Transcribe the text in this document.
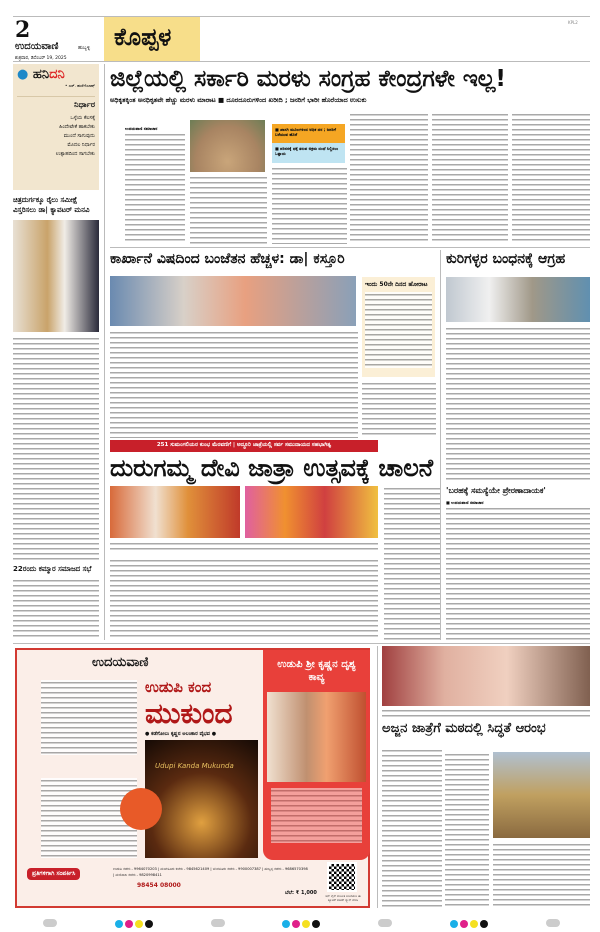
2
ಉದಯವಾಣಿ	ಹುಬ್ಬಳ್ಳಿ
ಶುಕ್ರವಾರ, ಡಿಸೆಂಬರ್ 19, 2025
ಕೊಪ್ಪಳ
KPL2
● ಹನಿದನಿ
• ಎಸ್. ಹುಸೇನಿಬಾಷ್
ನಿರ್ಧಾರ
ಒಳ್ಳೆಯ ಕೆಲಸಕ್ಕೆ
ಹಿಂದೇಟೇಕೆ ಹಾಕಬೇಕು
ಮುಂದೆ ಸಾಗುವುದು
ಮೊದಲ ನಿರ್ಧಾರ
ಉತ್ಸಾಹದಿಂದ ಸಾಗಬೇಕು
ಚಿತ್ರದುರ್ಗಕ್ಕೂ ರೈಲು ಸಮೀಕ್ಷೆ ವಿಸ್ತರಿಸಲು ಡಾ| ಕ್ಯಾವಟರ್ ಮನವಿ
22ರಂದು ಕಮ್ಮಾರ ಸಮಾಜದ ಸಭೆ
ಜಿಲ್ಲೆಯಲ್ಲಿ ಸರ್ಕಾರಿ ಮರಳು ಸಂಗ್ರಹ ಕೇಂದ್ರಗಳೇ ಇಲ್ಲ!
ಅಧಿಕೃತಕ್ಕಿಂತ ಅನಧಿಕೃತವೇ ಹೆಚ್ಚು ಮರಳು ಮಾರಾಟ ■ ದೂರದೂರುಗಳಿಂದ ಖರೀದಿ ; ಜನರಿಗೆ ಭಾರೀ ಹೊರೆಯಾದ ಉಸುಕು
ಉದಯವಾಣಿ ಸಮಾಚಾರ	■ ಖಾಸಗಿ ಮೂಲಗಳಿಂದ ಅಧಿಕ ದರ ; ಜನರಿಗೆ ಬರೆಯುವ ಹೊರೆ
■ ಪರಿಸರಕ್ಕೆ ಧಕ್ಕೆ ತರುವ ಅಕ್ರಮ ದಂಧೆ ನಿಲ್ಲಿಸಲು ಒತ್ತಾಯ
ಕಾರ್ಖಾನೆ ವಿಷದಿಂದ ಬಂಜೆತನ ಹೆಚ್ಚಳ: ಡಾ| ಕಸ್ತೂರಿ
ಇಂದು 50ನೇ ದಿನದ ಹೋರಾಟ
ಕುರಿಗಳ್ಳರ ಬಂಧನಕ್ಕೆ ಆಗ್ರಹ
251 ಸುಮಂಗಲಿಯರ ಕುಂಭ ಮೆರವಣಿಗೆ | ಅದ್ಧೂರಿ ಜಾತ್ರೆಯಲ್ಲಿ ಸರ್ವ ಸಮುದಾಯದ ಸಹಭಾಗಿತ್ವ
ದುರುಗಮ್ಮ ದೇವಿ ಜಾತ್ರಾ ಉತ್ಸವಕ್ಕೆ ಚಾಲನೆ
'ಬರಹಕ್ಕೆ ಸಮಸ್ಯೆಯೇ ಪ್ರೇರಣಾದಾಯಕ'
■ ಉದಯವಾಣಿ ಸಮಾಚಾರ
ಉದಯವಾಣಿ
ಉಡುಪಿ ಕಂದ
ಮುಕುಂದ
● ಕಡೆಗೋಲು ಕೃಷ್ಣನ ಅಲಂಕಾರ ವೈಭವ ●
Udupi Kanda Mukunda
ಉಡುಪಿ ಶ್ರೀ ಕೃಷ್ಣನ ದೃಶ್ಯ ಕಾವ್ಯ
ಪ್ರತಿಗಳಿಗಾಗಿ ಸಂಪರ್ಕಿಸಿ
ಉಡುಪಿ ಕಚೇರಿ - 9964070203 | ಮಂಗಳೂರು ಕಚೇರಿ - 9845621409 | ಬೆಂಗಳೂರು ಕಚೇರಿ - 9900007387 | ಹುಬ್ಬಳ್ಳಿ ಕಚೇರಿ - 9686570398 | ಮಣಿಪಾಲ ಕಚೇರಿ - 9820998411
98454 08000
ಬೆಲೆ: ₹ 1,000	ಆನ್ ಲೈನ್ ಮೂಲಕ ಖರೀದಿಸಲು ಈ ಕ್ಯೂಆರ್ ಕೋಡ್ ಸ್ಕ್ಯಾನ್ ಮಾಡಿ
ಅಜ್ಜನ ಜಾತ್ರೆಗೆ ಮಠದಲ್ಲಿ ಸಿದ್ಧತೆ ಆರಂಭ
